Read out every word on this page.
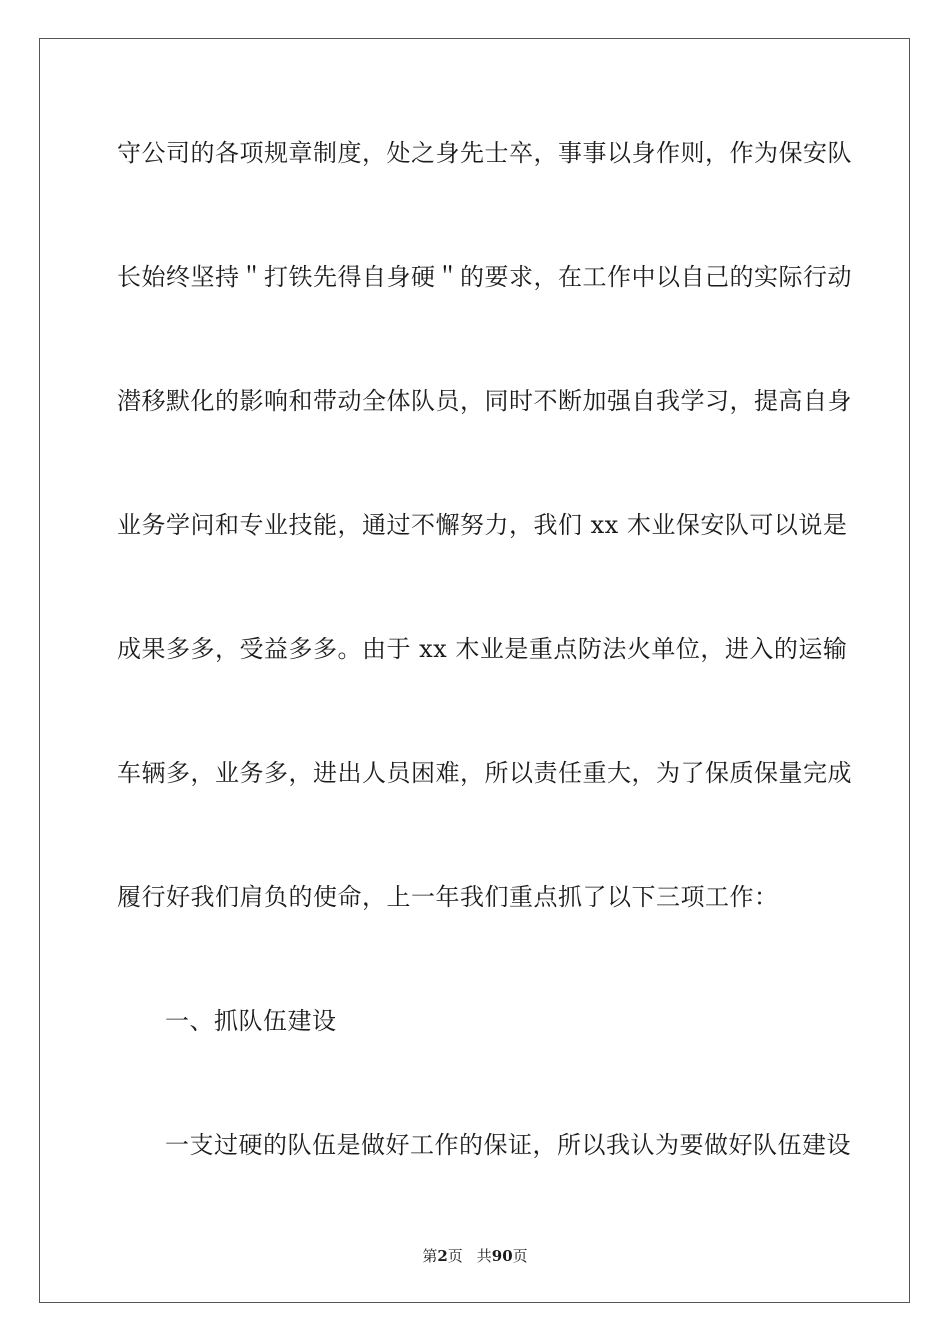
守公司的各项规章制度，处之身先士卒，事事以身作则，作为保安队
长始终坚持＂打铁先得自身硬＂的要求，在工作中以自己的实际行动
潜移默化的影响和带动全体队员，同时不断加强自我学习，提高自身
业务学问和专业技能，通过不懈努力，我们 xx 木业保安队可以说是
成果多多，受益多多。由于 xx 木业是重点防法火单位，进入的运输
车辆多，业务多，进出人员困难，所以责任重大，为了保质保量完成
履行好我们肩负的使命，上一年我们重点抓了以下三项工作：
一、抓队伍建设
一支过硬的队伍是做好工作的保证，所以我认为要做好队伍建设
第2页 共90页
